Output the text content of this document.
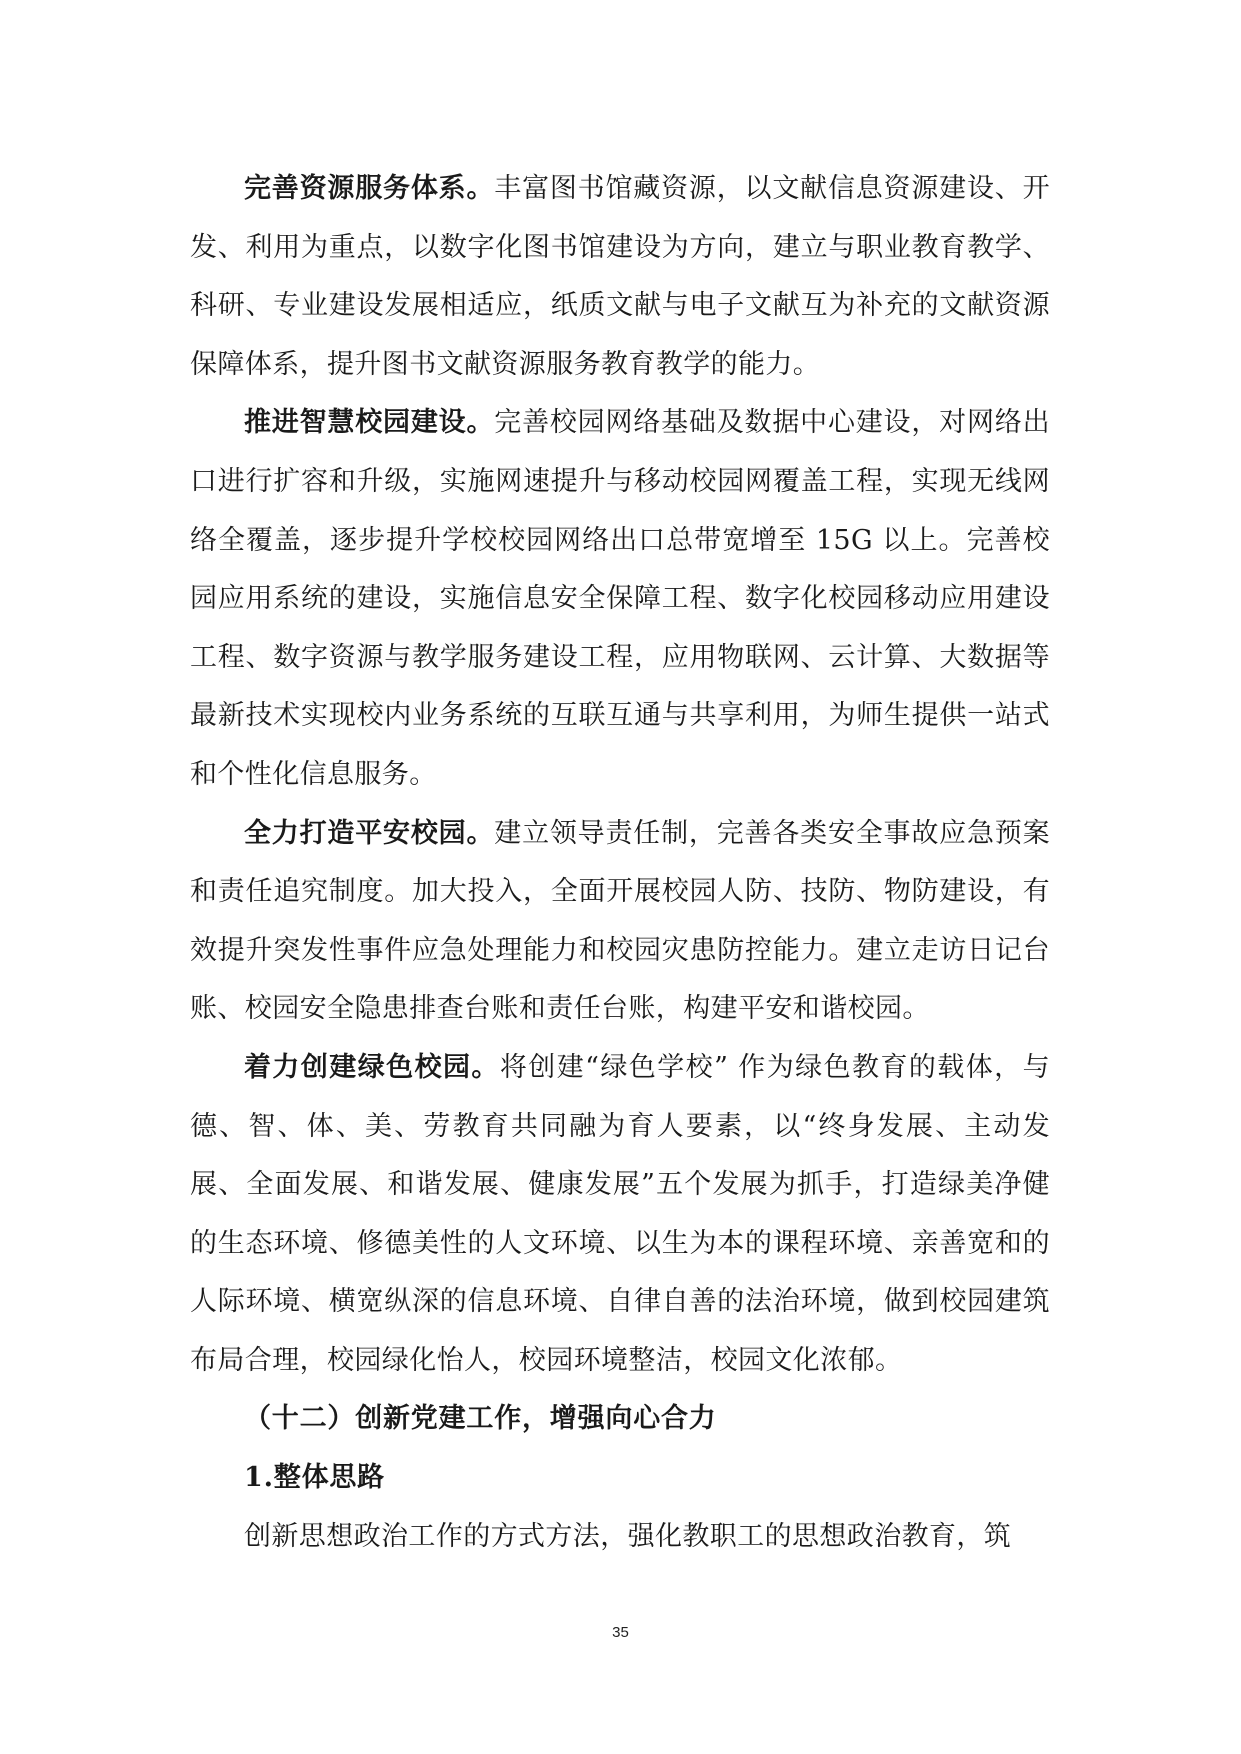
完善资源服务体系。丰富图书馆藏资源，以文献信息资源建设、开发、利用为重点，以数字化图书馆建设为方向，建立与职业教育教学、科研、专业建设发展相适应，纸质文献与电子文献互为补充的文献资源保障体系，提升图书文献资源服务教育教学的能力。

推进智慧校园建设。完善校园网络基础及数据中心建设，对网络出口进行扩容和升级，实施网速提升与移动校园网覆盖工程，实现无线网络全覆盖，逐步提升学校校园网络出口总带宽增至 15G 以上。完善校园应用系统的建设，实施信息安全保障工程、数字化校园移动应用建设工程、数字资源与教学服务建设工程，应用物联网、云计算、大数据等最新技术实现校内业务系统的互联互通与共享利用，为师生提供一站式和个性化信息服务。

全力打造平安校园。建立领导责任制，完善各类安全事故应急预案和责任追究制度。加大投入，全面开展校园人防、技防、物防建设，有效提升突发性事件应急处理能力和校园灾患防控能力。建立走访日记台账、校园安全隐患排查台账和责任台账，构建平安和谐校园。

着力创建绿色校园。将创建“绿色学校” 作为绿色教育的载体，与德、智、体、美、劳教育共同融为育人要素，以“终身发展、主动发展、全面发展、和谐发展、健康发展”五个发展为抓手，打造绿美净健的生态环境、修德美性的人文环境、以生为本的课程环境、亲善宽和的人际环境、横宽纵深的信息环境、自律自善的法治环境，做到校园建筑布局合理，校园绿化怡人，校园环境整洁，校园文化浓郁。

（十二）创新党建工作，增强向心合力

1.整体思路

创新思想政治工作的方式方法，强化教职工的思想政治教育，筑

35
